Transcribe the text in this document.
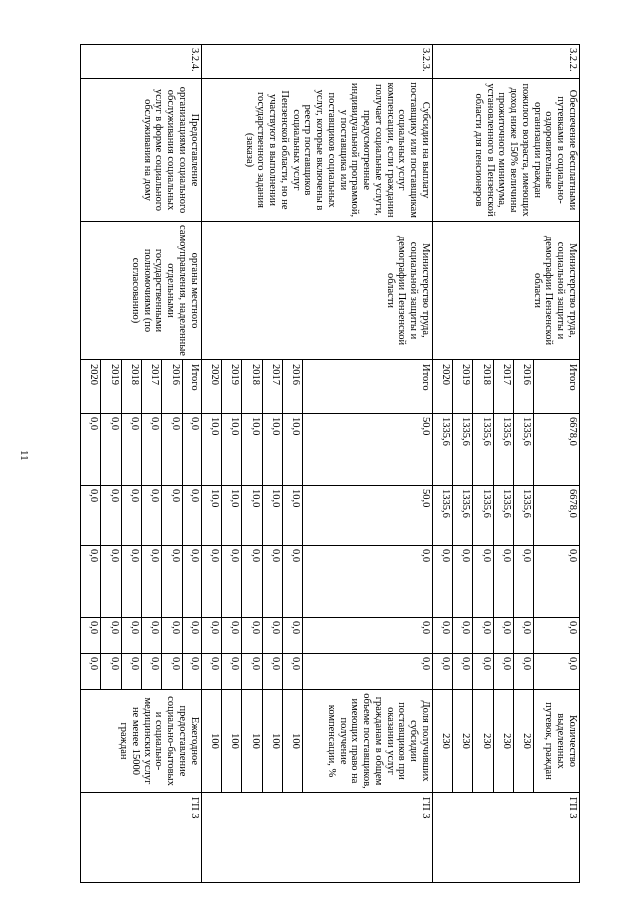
11
3.2.2.	Обеспечение бесплатными путевками в социально-оздоровительные организации граждан пожилого возраста, имеющих доход ниже 150% величины прожиточного минимума, установленного в Пензенской области для пенсионеров	Министерство труда, социальной защиты и демографии Пензенской области	Итого	6678,0	6678,0	0,0	0,0	0,0	Количество выделенных путевок, граждан	ГП 3
			2016	1335,6	1335,6	0,0	0,0	0,0	230	
			2017	1335,6	1335,6	0,0	0,0	0,0	230	
			2018	1335,6	1335,6	0,0	0,0	0,0	230	
			2019	1335,6	1335,6	0,0	0,0	0,0	230	
			2020	1335,6	1335,6	0,0	0,0	0,0	230	
3.2.3.	Субсидии на выплату поставщику или поставщикам социальных услуг компенсации, если гражданин получает социальные услуги, предусмотренные индивидуальной программой, у поставщика или поставщиков социальных услуг, которые включены в реестр поставщиков социальных услуг Пензенской области, но не участвуют в выполнении государственного задания (заказа)	Министерство труда, социальной защиты и демографии Пензенской области	Итого	50,0	50,0	0,0	0,0	0,0	Доля получивших субсидии поставщиков при оказании услуг гражданам в общем объеме поставщиков, имеющих право на получение компенсации, %	ГП 3
			2016	10,0	10,0	0,0	0,0	0,0	100	
			2017	10,0	10,0	0,0	0,0	0,0	100	
			2018	10,0	10,0	0,0	0,0	0,0	100	
			2019	10,0	10,0	0,0	0,0	0,0	100	
			2020	10,0	10,0	0,0	0,0	0,0	100	
3.2.4.	Предоставление организациями социального обслуживания социальных услуг в форме социального обслуживания на дому	органы местного самоуправления, наделенные отдельными государственными полномочиями (по согласованию)	Итого	0,0	0,0	0,0	0,0	0,0	Ежегодное предоставление социально-бытовых и социально-медицинских услуг не менее 15000 граждан	ГП 3
			2016	0,0	0,0	0,0	0,0	0,0		
			2017	0,0	0,0	0,0	0,0	0,0		
			2018	0,0	0,0	0,0	0,0	0,0		
			2019	0,0	0,0	0,0	0,0	0,0		
			2020	0,0	0,0	0,0	0,0	0,0		
